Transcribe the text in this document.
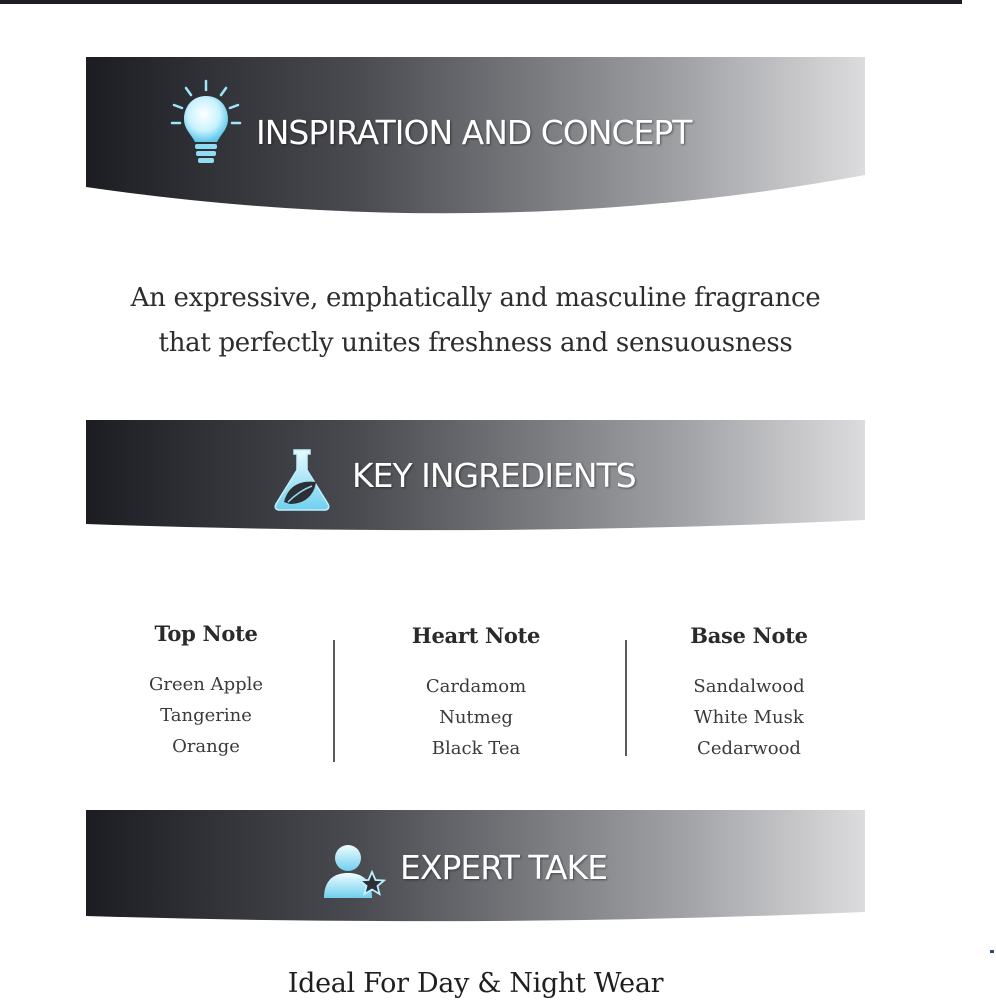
INSPIRATION AND CONCEPT
An expressive, emphatically and masculine fragrance
that perfectly unites freshness and sensuousness
KEY INGREDIENTS
Top Note
Green Apple
Tangerine
Orange
Heart Note
Cardamom
Nutmeg
Black Tea
Base Note
Sandalwood
White Musk
Cedarwood
EXPERT TAKE
Ideal For Day & Night Wear
